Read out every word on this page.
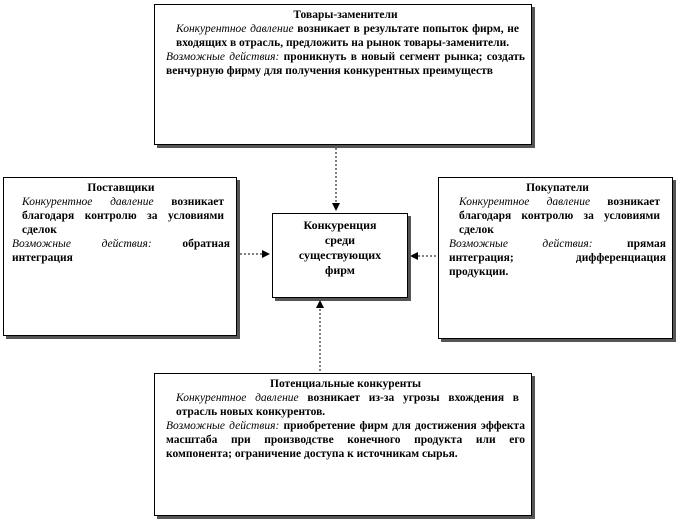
Товары-заменители
Конкурентное давление возникает в результате попыток фирм, не входящих в отрасль, предложить на рынок товары-заменители.
Возможные действия: проникнуть в новый сегмент рынка; создать венчурную фирму для получения конкурентных преимуществ
Поставщики
Конкурентное давление возникает благодаря контролю за условиями сделок
Возможные действия: обратная интеграция
Конкуренция
среди
существующих
фирм
Покупатели
Конкурентное давление возникает благодаря контролю за условиями сделок
Возможные действия: прямая интеграция; дифференциация продукции.
Потенциальные конкуренты
Конкурентное давление возникает из-за угрозы вхождения в отрасль новых конкурентов.
Возможные действия: приобретение фирм для достижения эффекта масштаба при производстве конечного продукта или его компонента; ограничение доступа к источникам сырья.
